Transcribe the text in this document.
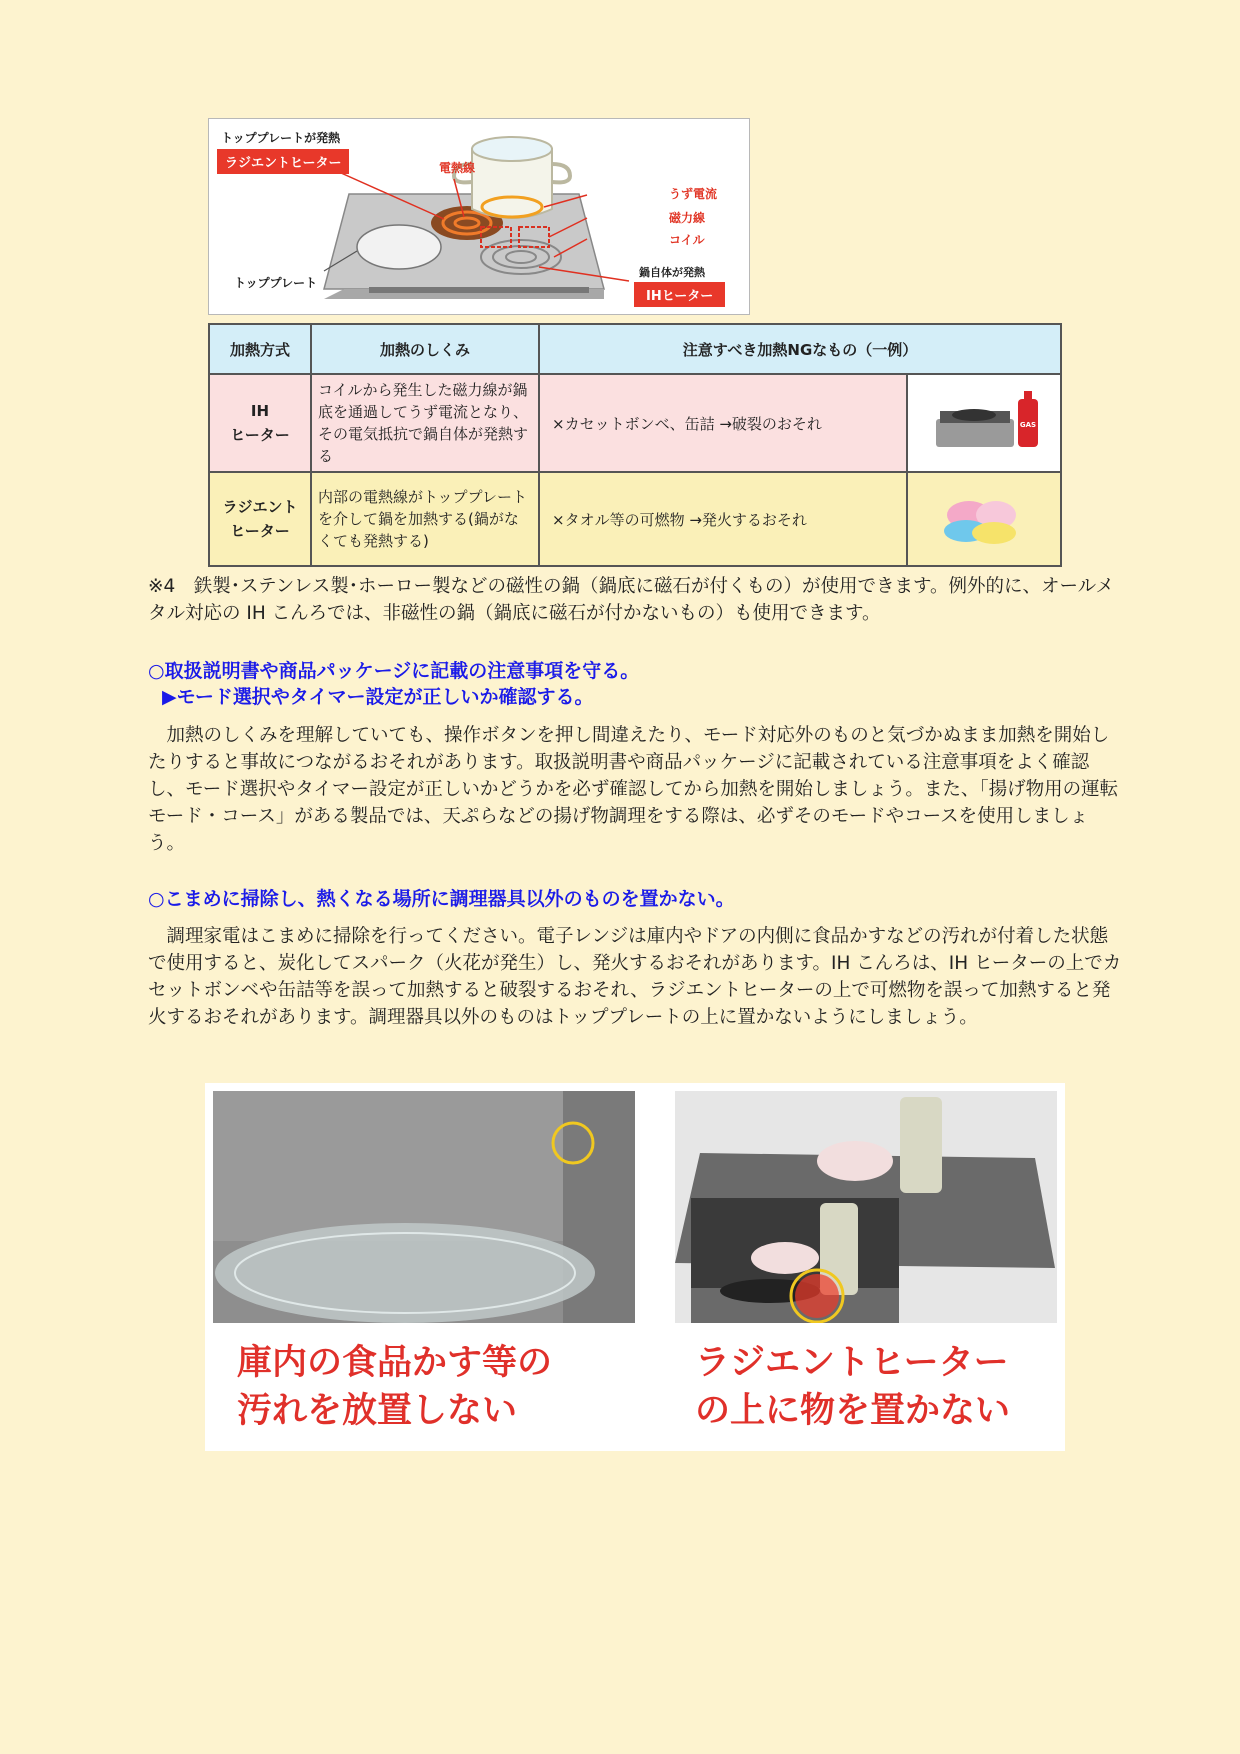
トッププレートが発熱
ラジエントヒーター	電熱線
うず電流
磁力線
コイル
鍋自体が発熱
IHヒーター
トッププレート
加熱方式	加熱のしくみ	注意すべき加熱NGなもの（一例）	

IH
ヒーター	コイルから発生した磁力線が鍋底を通過してうず電流となり、その電気抵抗で鍋自体が発熱する	×カセットボンベ、缶詰 →破裂のおそれ	GAS

ラジエント
ヒーター	内部の電熱線がトッププレートを介して鍋を加熱する(鍋がなくても発熱する)	×タオル等の可燃物 →発火するおそれ	
※4　鉄製･ステンレス製･ホーロー製などの磁性の鍋（鍋底に磁石が付くもの）が使用できます。例外的に、オールメタル対応の IH こんろでは、非磁性の鍋（鍋底に磁石が付かないもの）も使用できます。
○取扱説明書や商品パッケージに記載の注意事項を守る。
▶モード選択やタイマー設定が正しいか確認する。
　加熱のしくみを理解していても、操作ボタンを押し間違えたり、モード対応外のものと気づかぬまま加熱を開始したりすると事故につながるおそれがあります。取扱説明書や商品パッケージに記載されている注意事項をよく確認し、モード選択やタイマー設定が正しいかどうかを必ず確認してから加熱を開始しましょう。また、「揚げ物用の運転モード・コース」がある製品では、天ぷらなどの揚げ物調理をする際は、必ずそのモードやコースを使用しましょう。
○こまめに掃除し、熱くなる場所に調理器具以外のものを置かない。
　調理家電はこまめに掃除を行ってください。電子レンジは庫内やドアの内側に食品かすなどの汚れが付着した状態で使用すると、炭化してスパーク（火花が発生）し、発火するおそれがあります。IH こんろは、IH ヒーターの上でカセットボンベや缶詰等を誤って加熱すると破裂するおそれ、ラジエントヒーターの上で可燃物を誤って加熱すると発火するおそれがあります。調理器具以外のものはトッププレートの上に置かないようにしましょう。
庫内の食品かす等の
汚れを放置しない
ラジエントヒーター
の上に物を置かない
